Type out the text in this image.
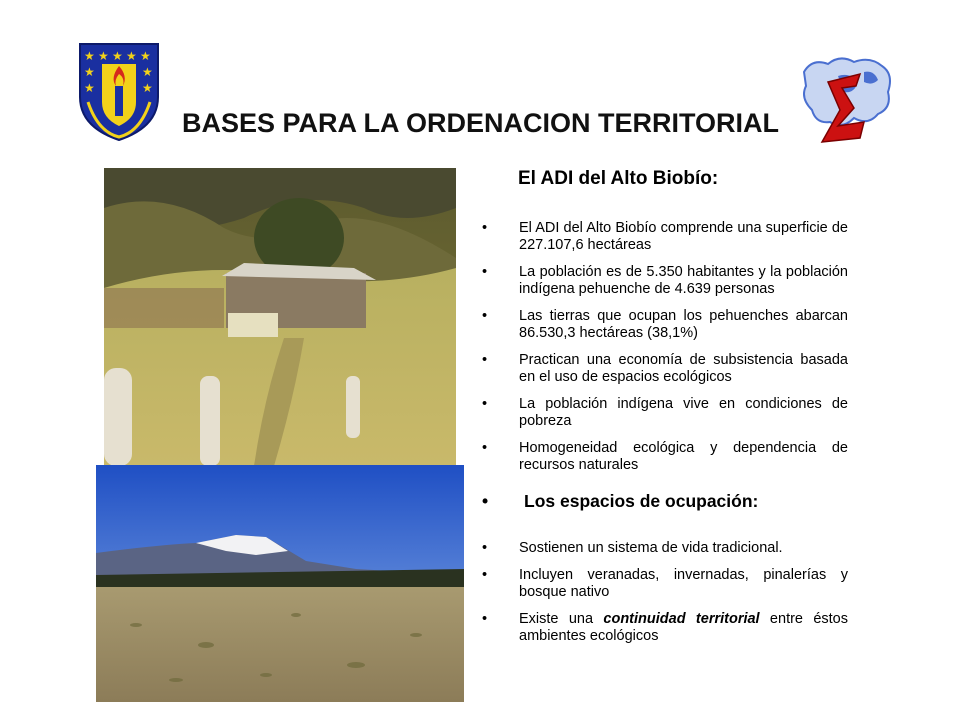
★ ★ ★ ★ ★
★
★
★
★
BASES PARA LA ORDENACION TERRITORIAL
El ADI del Alto Biobío:
• El ADI del Alto Biobío comprende una superficie de 227.107,6 hectáreas
• La población es de 5.350 habitantes y la población indígena pehuenche de 4.639 personas
• Las tierras que ocupan los pehuenches abarcan 86.530,3 hectáreas (38,1%)
• Practican una economía de subsistencia basada en el uso de espacios ecológicos
• La población indígena vive en condiciones de pobreza
• Homogeneidad ecológica y dependencia de recursos naturales
• Los espacios de ocupación:
• Sostienen un sistema de vida tradicional.
• Incluyen veranadas, invernadas, pinalerías y bosque nativo
• Existe una continuidad territorial entre éstos ambientes ecológicos
